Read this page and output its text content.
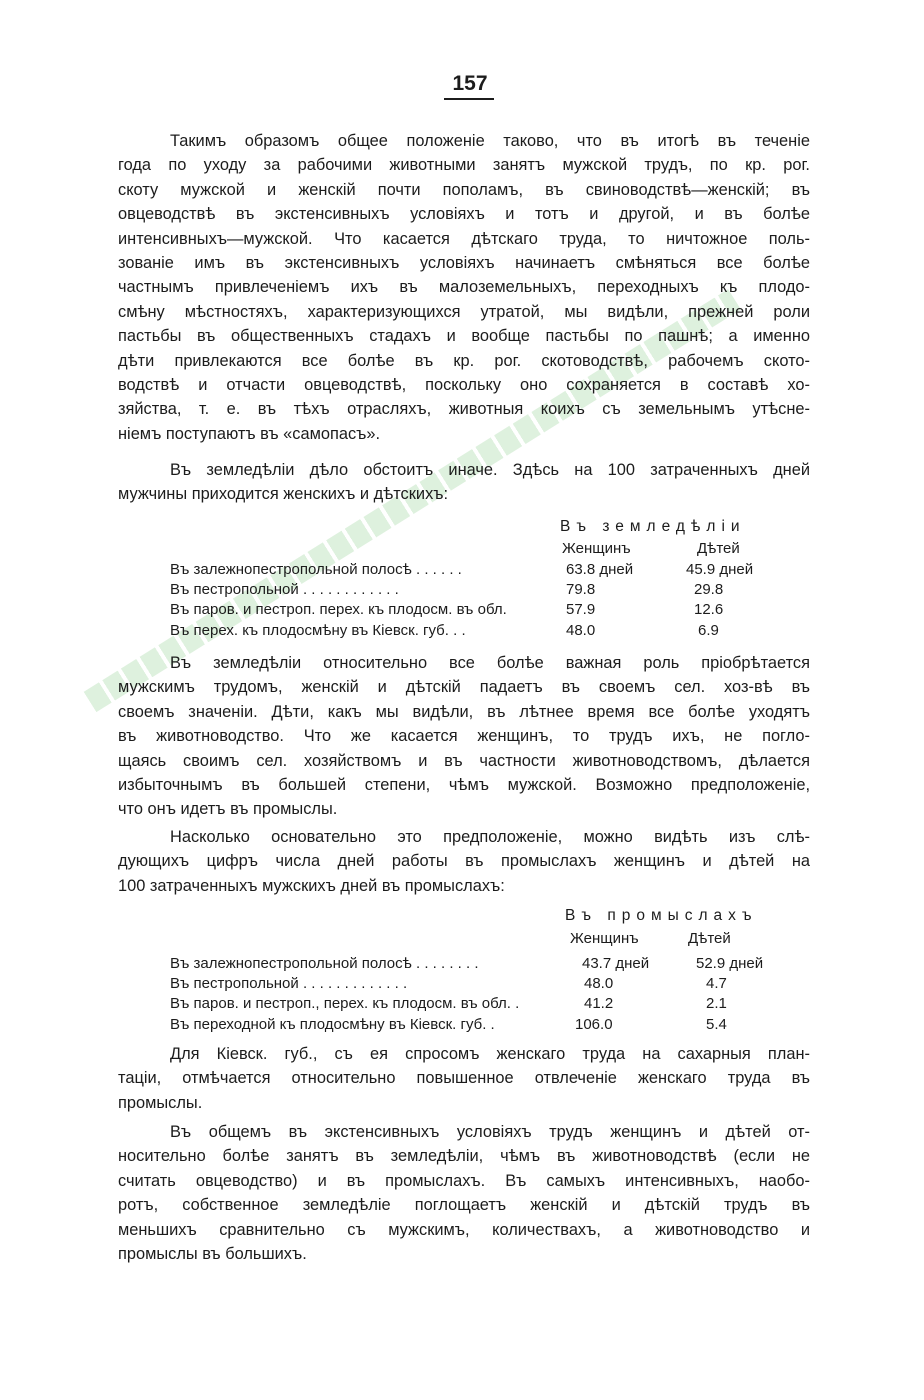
157
Такимъ образомъ общее положеніе таково, что въ итогѣ въ теченіе
года по уходу за рабочими животными занятъ мужской трудъ, по кр. рог.
скоту мужской и женскій почти пополамъ, въ свиноводствѣ—женскій; въ
овцеводствѣ въ экстенсивныхъ условіяхъ и тотъ и другой, и въ болѣе
интенсивныхъ—мужской. Что касается дѣтскаго труда, то ничтожное поль-
зованіе имъ въ экстенсивныхъ условіяхъ начинаетъ смѣняться все болѣе
частнымъ привлеченіемъ ихъ въ малоземельныхъ, переходныхъ къ плодо-
смѣну мѣстностяхъ, характеризующихся утратой, мы видѣли, прежней роли
пастьбы въ общественныхъ стадахъ и вообще пастьбы по пашнѣ; а именно
дѣти привлекаются все болѣе въ кр. рог. скотоводствѣ, рабочемъ ското-
водствѣ и отчасти овцеводствѣ, поскольку оно сохраняется в составѣ хо-
зяйства, т. е. въ тѣхъ отрасляхъ, животныя коихъ съ земельнымъ утѣсне-
ніемъ поступаютъ въ «самопасъ».
Въ земледѣліи дѣло обстоитъ иначе. Здѣсь на 100 затраченныхъ дней
мужчины приходится женскихъ и дѣтскихъ:
Въ земледѣліи
Женщинъ	Дѣтей
Въ залежнопестропольной полосѣ . . . . . .	63.8 дней	45.9 дней
Въ пестропольной . . . . . . . . . . . .	79.8	29.8
Въ паров. и пестроп. перех. къ плодосм. въ обл.	57.9	12.6
Въ перех. къ плодосмѣну въ Кіевск. губ. . .	48.0	6.9
Въ земледѣліи относительно все болѣе важная роль пріобрѣтается
мужскимъ трудомъ, женскій и дѣтскій падаетъ въ своемъ сел. хоз-вѣ въ
своемъ значеніи. Дѣти, какъ мы видѣли, въ лѣтнее время все болѣе уходятъ
въ животноводство. Что же касается женщинъ, то трудъ ихъ, не погло-
щаясь своимъ сел. хозяйствомъ и въ частности животноводствомъ, дѣлается
избыточнымъ въ большей степени, чѣмъ мужской. Возможно предположеніе,
что онъ идетъ въ промыслы.
Насколько основательно это предположеніе, можно видѣть изъ слѣ-
дующихъ цифръ числа дней работы въ промыслахъ женщинъ и дѣтей на
100 затраченныхъ мужскихъ дней въ промыслахъ:
Въ промыслахъ
Женщинъ	Дѣтей
Въ залежнопестропольной полосѣ . . . . . . . .	43.7 дней	52.9 дней
Въ пестропольной . . . . . . . . . . . . .	48.0	4.7
Въ паров. и пестроп., перех. къ плодосм. въ обл. .	41.2	2.1
Въ переходной къ плодосмѣну въ Кіевск. губ. .	106.0	5.4
Для Кіевск. губ., съ ея спросомъ женскаго труда на сахарныя план-
таціи, отмѣчается относительно повышенное отвлеченіе женскаго труда въ
промыслы.
Въ общемъ въ экстенсивныхъ условіяхъ трудъ женщинъ и дѣтей от-
носительно болѣе занятъ въ земледѣліи, чѣмъ въ животноводствѣ (если не
считать овцеводство) и въ промыслахъ. Въ самыхъ интенсивныхъ, наобо-
ротъ, собственное земледѣліе поглощаетъ женскій и дѣтскій трудъ въ
меньшихъ сравнительно съ мужскимъ, количествахъ, а животноводство и
промыслы въ большихъ.
